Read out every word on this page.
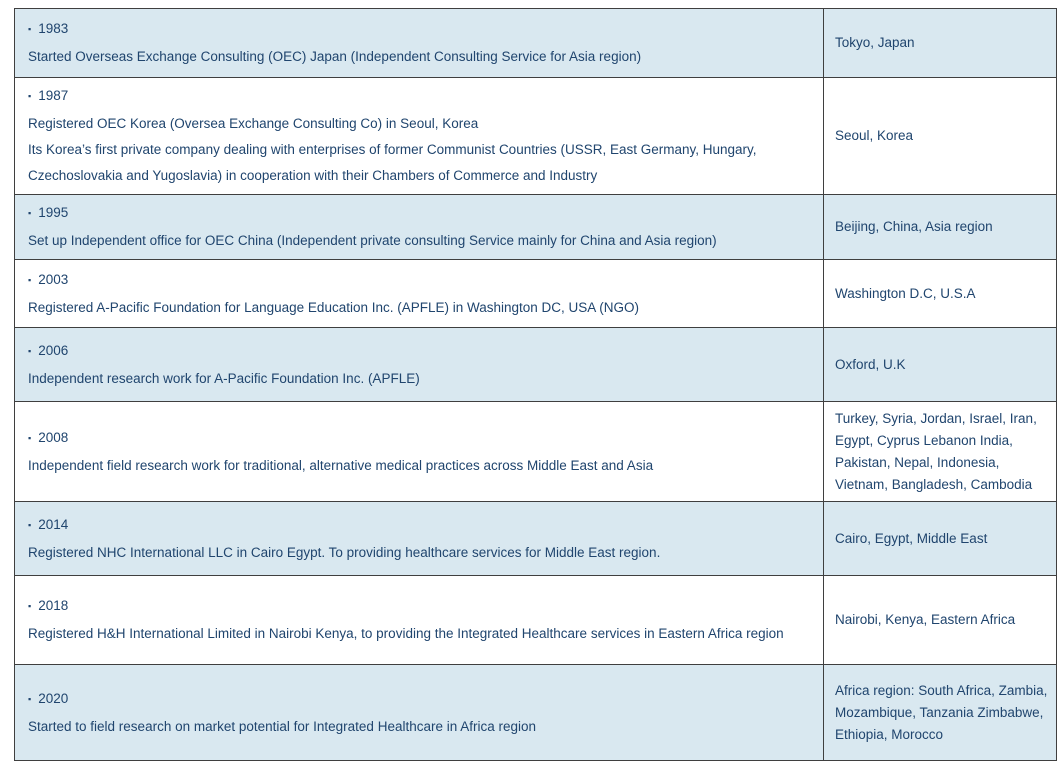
▪ 1983
Started Overseas Exchange Consulting (OEC) Japan (Independent Consulting Service for Asia region)	Tokyo, Japan

▪ 1987
Registered OEC Korea (Oversea Exchange Consulting Co) in Seoul, Korea
Its Korea’s first private company dealing with enterprises of former Communist Countries (USSR, East Germany, Hungary, Czechoslovakia and Yugoslavia) in cooperation with their Chambers of Commerce and Industry	Seoul, Korea

▪ 1995
Set up Independent office for OEC China (Independent private consulting Service mainly for China and Asia region)	Beijing, China, Asia region

▪ 2003
Registered A-Pacific Foundation for Language Education Inc. (APFLE) in Washington DC, USA (NGO)	Washington D.C, U.S.A

▪ 2006
Independent research work for A-Pacific Foundation Inc. (APFLE)	Oxford, U.K

▪ 2008
Independent field research work for traditional, alternative medical practices across Middle East and Asia	Turkey, Syria, Jordan, Israel, Iran, Egypt, Cyprus Lebanon India, Pakistan, Nepal, Indonesia, Vietnam, Bangladesh, Cambodia

▪ 2014
Registered NHC International LLC in Cairo Egypt. To providing healthcare services for Middle East region.	Cairo, Egypt, Middle East

▪ 2018
Registered H&H International Limited in Nairobi Kenya, to providing the Integrated Healthcare services in Eastern Africa region	Nairobi, Kenya, Eastern Africa

▪ 2020
Started to field research on market potential for Integrated Healthcare in Africa region	Africa region: South Africa, Zambia, Mozambique, Tanzania Zimbabwe, Ethiopia, Morocco
